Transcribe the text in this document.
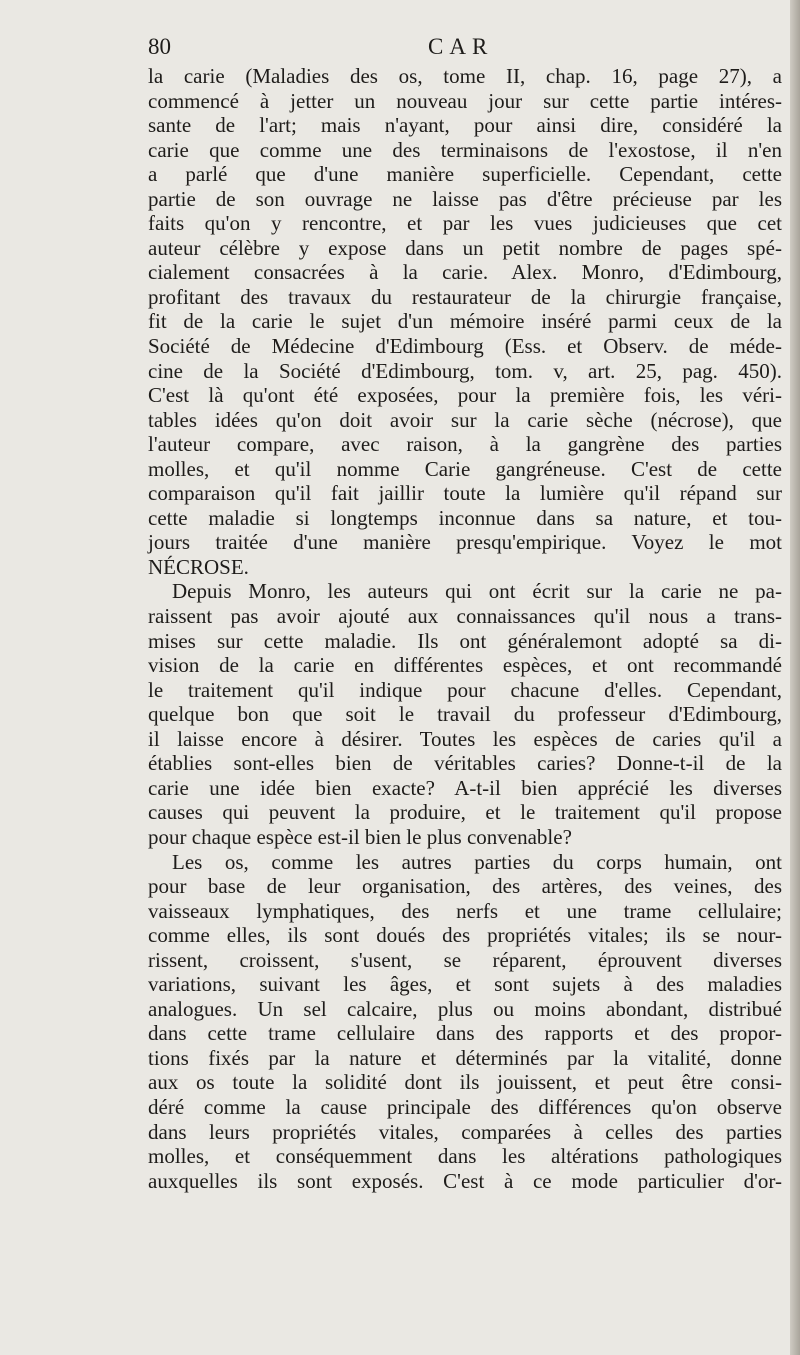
80	CAR
la carie (Maladies des os, tome II, chap. 16, page 27), a
commencé à jetter un nouveau jour sur cette partie intéres-
sante de l'art; mais n'ayant, pour ainsi dire, considéré la
carie que comme une des terminaisons de l'exostose, il n'en
a parlé que d'une manière superficielle. Cependant, cette
partie de son ouvrage ne laisse pas d'être précieuse par les
faits qu'on y rencontre, et par les vues judicieuses que cet
auteur célèbre y expose dans un petit nombre de pages spé-
cialement consacrées à la carie. Alex. Monro, d'Edimbourg,
profitant des travaux du restaurateur de la chirurgie française,
fit de la carie le sujet d'un mémoire inséré parmi ceux de la
Société de Médecine d'Edimbourg (Ess. et Observ. de méde-
cine de la Société d'Edimbourg, tom. v, art. 25, pag. 450).
C'est là qu'ont été exposées, pour la première fois, les véri-
tables idées qu'on doit avoir sur la carie sèche (nécrose), que
l'auteur compare, avec raison, à la gangrène des parties
molles, et qu'il nomme Carie gangréneuse. C'est de cette
comparaison qu'il fait jaillir toute la lumière qu'il répand sur
cette maladie si longtemps inconnue dans sa nature, et tou-
jours traitée d'une manière presqu'empirique. Voyez le mot
NÉCROSE.
Depuis Monro, les auteurs qui ont écrit sur la carie ne pa-
raissent pas avoir ajouté aux connaissances qu'il nous a trans-
mises sur cette maladie. Ils ont généralemont adopté sa di-
vision de la carie en différentes espèces, et ont recommandé
le traitement qu'il indique pour chacune d'elles. Cependant,
quelque bon que soit le travail du professeur d'Edimbourg,
il laisse encore à désirer. Toutes les espèces de caries qu'il a
établies sont-elles bien de véritables caries? Donne-t-il de la
carie une idée bien exacte? A-t-il bien apprécié les diverses
causes qui peuvent la produire, et le traitement qu'il propose
pour chaque espèce est-il bien le plus convenable?
Les os, comme les autres parties du corps humain, ont
pour base de leur organisation, des artères, des veines, des
vaisseaux lymphatiques, des nerfs et une trame cellulaire;
comme elles, ils sont doués des propriétés vitales; ils se nour-
rissent, croissent, s'usent, se réparent, éprouvent diverses
variations, suivant les âges, et sont sujets à des maladies
analogues. Un sel calcaire, plus ou moins abondant, distribué
dans cette trame cellulaire dans des rapports et des propor-
tions fixés par la nature et déterminés par la vitalité, donne
aux os toute la solidité dont ils jouissent, et peut être consi-
déré comme la cause principale des différences qu'on observe
dans leurs propriétés vitales, comparées à celles des parties
molles, et conséquemment dans les altérations pathologiques
auxquelles ils sont exposés. C'est à ce mode particulier d'or-
